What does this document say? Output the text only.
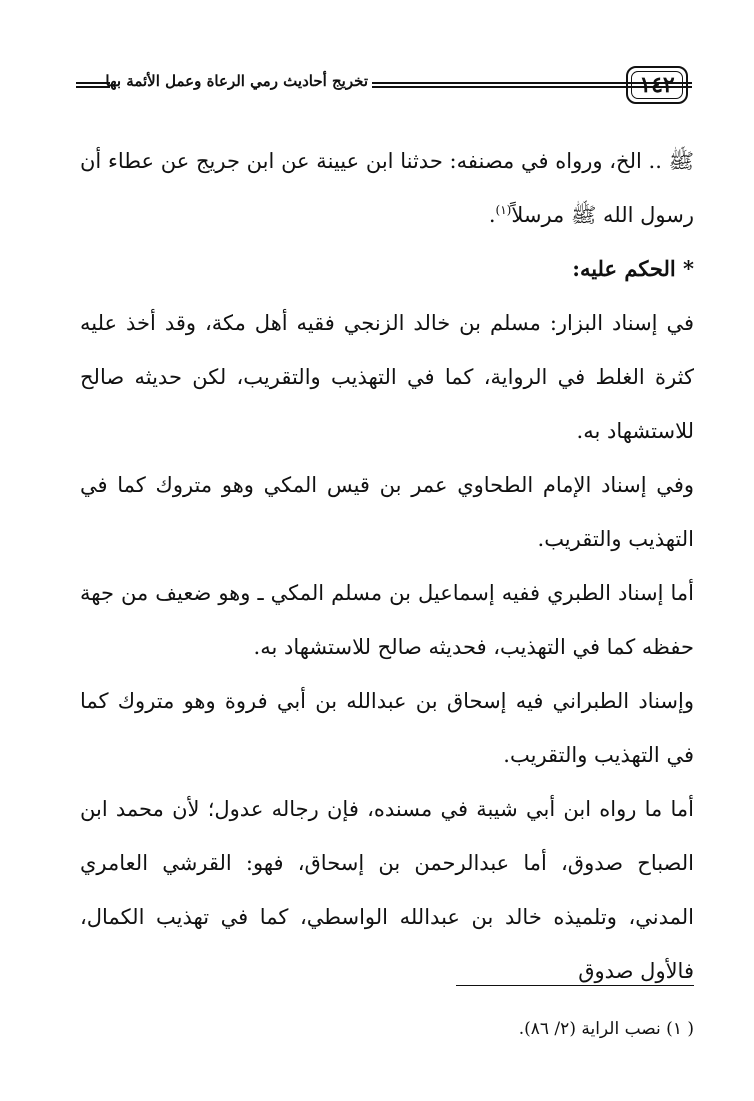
تخريج أحاديث رمي الرعاة وعمل الأئمة بها	١٤٢

ﷺ .. الخ، ورواه في مصنفه: حدثنا ابن عيينة عن ابن جريج عن عطاء أن رسول الله ﷺ مرسلاً$^{(١)}$.

* الحكم عليه:

في إسناد البزار: مسلم بن خالد الزنجي فقيه أهل مكة، وقد أخذ عليه كثرة الغلط في الرواية، كما في التهذيب والتقريب، لكن حديثه صالح للاستشهاد به.

وفي إسناد الإمام الطحاوي عمر بن قيس المكي وهو متروك كما في التهذيب والتقريب.

أما إسناد الطبري ففيه إسماعيل بن مسلم المكي ـ وهو ضعيف من جهة حفظه كما في التهذيب، فحديثه صالح للاستشهاد به.

وإسناد الطبراني فيه إسحاق بن عبدالله بن أبي فروة وهو متروك كما في التهذيب والتقريب.

أما ما رواه ابن أبي شيبة في مسنده، فإن رجاله عدول؛ لأن محمد ابن الصباح صدوق، أما عبدالرحمن بن إسحاق، فهو: القرشي العامري المدني، وتلميذه خالد بن عبدالله الواسطي، كما في تهذيب الكمال، فالأول صدوق

( ١) نصب الراية (٢/ ٨٦).
